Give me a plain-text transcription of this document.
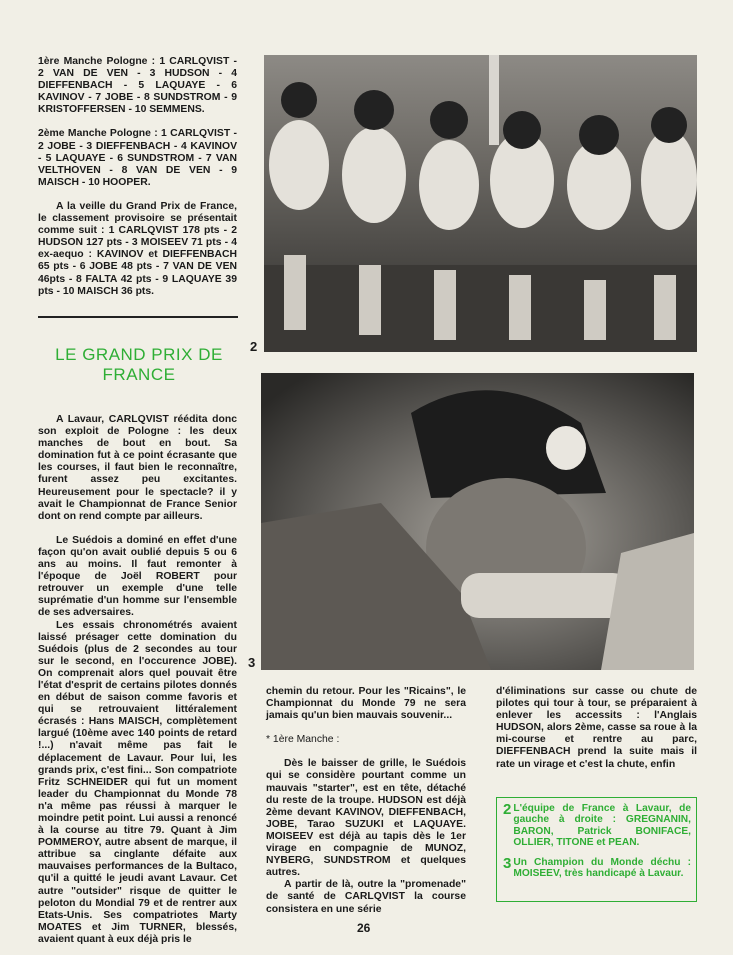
1ère Manche Pologne : 1 CARLQVIST - 2 VAN DE VEN - 3 HUDSON - 4 DIEFFENBACH - 5 LAQUAYE - 6 KAVINOV - 7 JOBE - 8 SUNDSTROM - 9 KRISTOFFERSEN - 10 SEMMENS.

2ème Manche Pologne : 1 CARLQVIST - 2 JOBE - 3 DIEFFENBACH - 4 KAVINOV - 5 LAQUAYE - 6 SUNDSTROM - 7 VAN VELTHOVEN - 8 VAN DE VEN - 9 MAISCH - 10 HOOPER.

A la veille du Grand Prix de France, le classement provisoire se présentait comme suit : 1 CARLQVIST 178 pts - 2 HUDSON 127 pts - 3 MOISEEV 71 pts - 4 ex-aequo : KAVINOV et DIEFFENBACH 65 pts - 6 JOBE 48 pts - 7 VAN DE VEN 46pts - 8 FALTA 42 pts - 9 LAQUAYE 39 pts - 10 MAISCH 36 pts.

LE GRAND PRIX DE FRANCE

A Lavaur, CARLQVIST réédita donc son exploit de Pologne : les deux manches de bout en bout. Sa domination fut à ce point écrasante que les courses, il faut bien le reconnaître, furent assez peu excitantes. Heureusement pour le spectacle? il y avait le Championnat de France Senior dont on rend compte par ailleurs.

Le Suédois a dominé en effet d'une façon qu'on avait oublié depuis 5 ou 6 ans au moins. Il faut remonter à l'époque de Joël ROBERT pour retrouver un exemple d'une telle suprématie d'un homme sur l'ensemble de ses adversaires.

Les essais chronométrés avaient laissé présager cette domination du Suédois (plus de 2 secondes au tour sur le second, en l'occurence JOBE). On comprenait alors quel pouvait être l'état d'esprit de certains pilotes donnés en début de saison comme favoris et qui se retrouvaient littéralement écrasés : Hans MAISCH, complètement largué (10ème avec 140 points de retard !...) n'avait même pas fait le déplacement de Lavaur. Pour lui, les grands prix, c'est fini... Son compatriote Fritz SCHNEIDER qui fut un moment leader du Championnat du Monde 78 n'a même pas réussi à marquer le moindre petit point. Lui aussi a renoncé à la course au titre 79. Quant à Jim POMMEROY, autre absent de marque, il attribue sa cinglante défaite aux mauvaises performances de la Bultaco, qu'il a quitté le jeudi avant Lavaur. Cet autre "outsider" risque de quitter le peloton du Mondial 79 et de rentrer aux Etats-Unis. Ses compatriotes Marty MOATES et Jim TURNER, blessés, avaient quant à eux déjà pris le

2
3

chemin du retour. Pour les "Ricains", le Championnat du Monde 79 ne sera jamais qu'un bien mauvais souvenir...

* 1ère Manche :

Dès le baisser de grille, le Suédois qui se considère pourtant comme un mauvais "starter", est en tête, détaché du reste de la troupe. HUDSON est déjà 2ème devant KAVINOV, DIEFFENBACH, JOBE, Tarao SUZUKI et LAQUAYE. MOISEEV est déjà au tapis dès le 1er virage en compagnie de MUNOZ, NYBERG, SUNDSTROM et quelques autres.

A partir de là, outre la "promenade" de santé de CARLQVIST la course consistera en une série

d'éliminations sur casse ou chute de pilotes qui tour à tour, se préparaient à enlever les accessits : l'Anglais HUDSON, alors 2ème, casse sa roue à la mi-course et rentre au parc, DIEFFENBACH prend la suite mais il rate un virage et c'est la chute, enfin

2 L'équipe de France à Lavaur, de gauche à droite : GREGNANIN, BARON, Patrick BONIFACE, OLLIER, TITONE et PEAN.
3 Un Champion du Monde déchu : MOISEEV, très handicapé à Lavaur.
26
